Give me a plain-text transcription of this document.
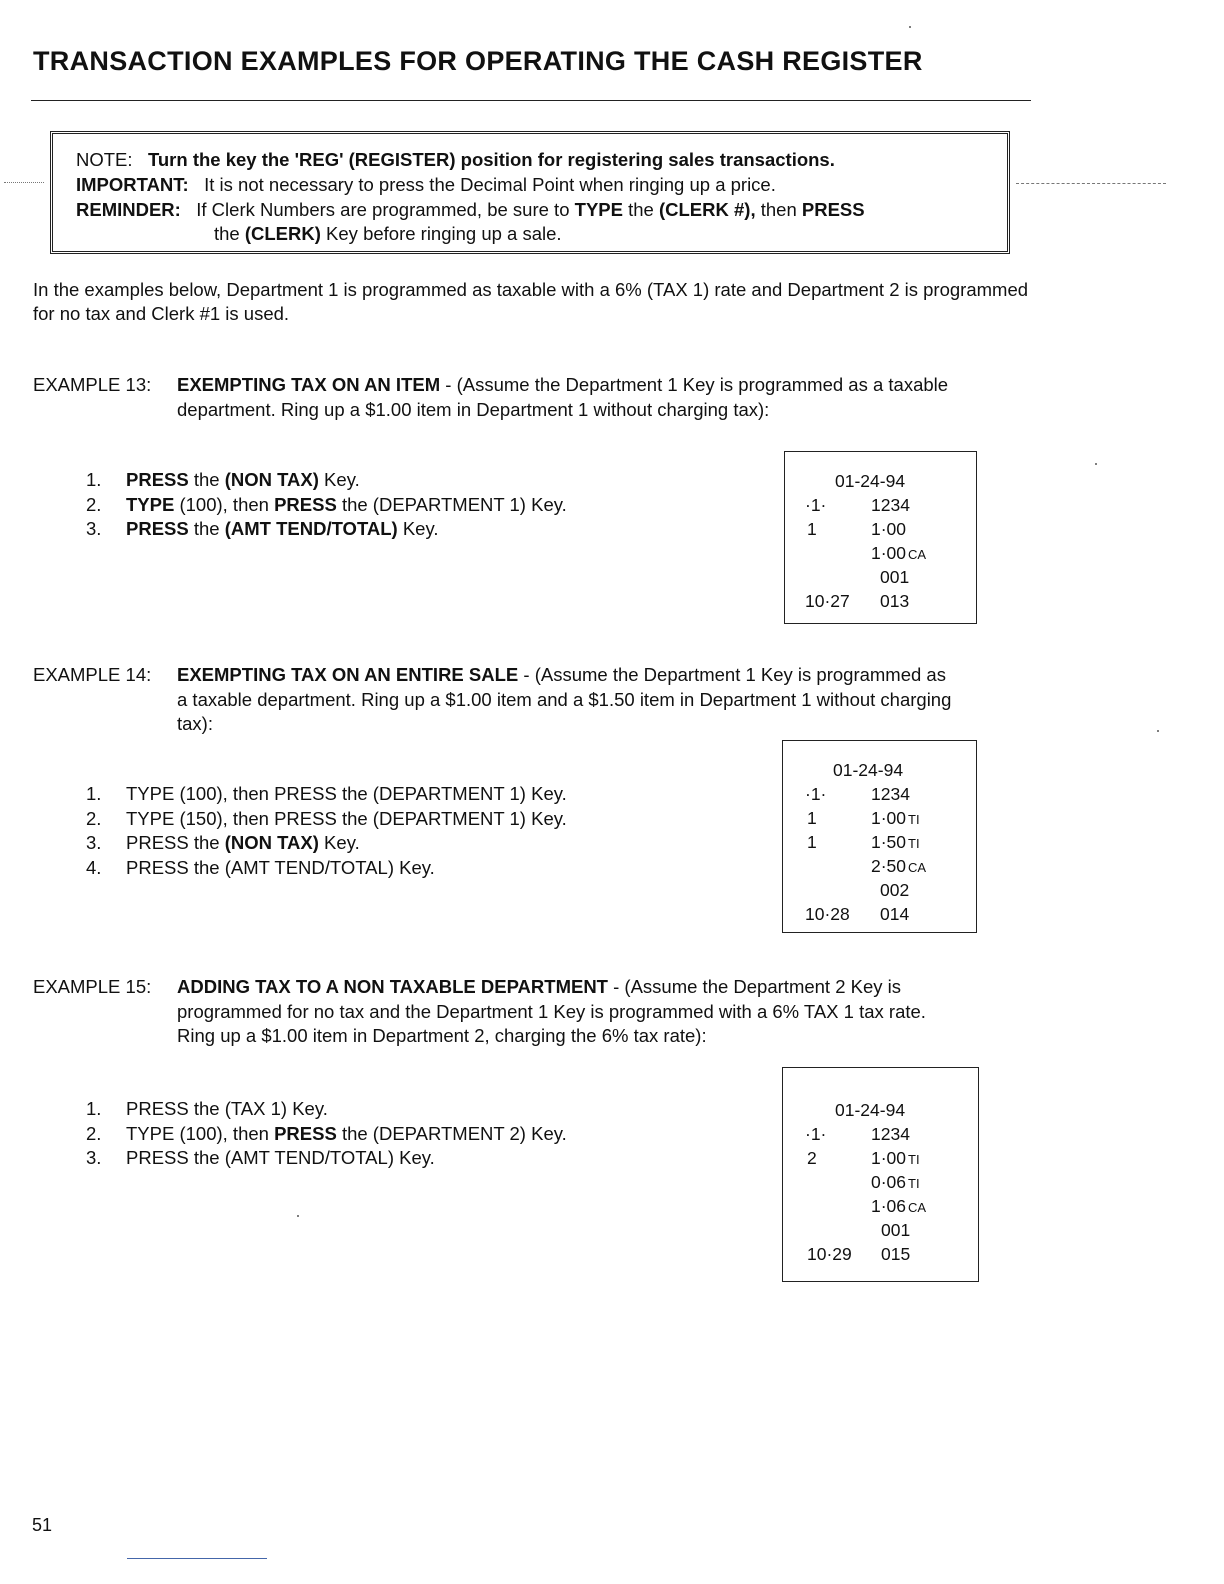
TRANSACTION EXAMPLES FOR OPERATING THE CASH REGISTER
NOTE: Turn the key the 'REG' (REGISTER) position for registering sales transactions.
IMPORTANT: It is not necessary to press the Decimal Point when ringing up a price.
REMINDER: If Clerk Numbers are programmed, be sure to TYPE the (CLERK #), then PRESS
the (CLERK) Key before ringing up a sale.
In the examples below, Department 1 is programmed as taxable with a 6% (TAX 1) rate and Department 2 is programmed for no tax and Clerk #1 is used.
EXAMPLE 13: EXEMPTING TAX ON AN ITEM - (Assume the Department 1 Key is programmed as a taxable
department. Ring up a $1.00 item in Department 1 without charging tax):
1. PRESS the (NON TAX) Key.
2. TYPE (100), then PRESS the (DEPARTMENT 1) Key.
3. PRESS the (AMT TEND/TOTAL) Key.
01-24-94
·1·	1234
1	1·00
1·00 CA
001
10·27 013
EXAMPLE 14: EXEMPTING TAX ON AN ENTIRE SALE - (Assume the Department 1 Key is programmed as
a taxable department. Ring up a $1.00 item and a $1.50 item in Department 1 without charging
tax):
1. TYPE (100), then PRESS the (DEPARTMENT 1) Key.
2. TYPE (150), then PRESS the (DEPARTMENT 1) Key.
3. PRESS the (NON TAX) Key.
4. PRESS the (AMT TEND/TOTAL) Key.
01-24-94
·1·	1234
1	1·00 TI
1	1·50 TI
2·50 CA
002
10·28 014
EXAMPLE 15: ADDING TAX TO A NON TAXABLE DEPARTMENT - (Assume the Department 2 Key is
programmed for no tax and the Department 1 Key is programmed with a 6% TAX 1 tax rate.
Ring up a $1.00 item in Department 2, charging the 6% tax rate):
1. PRESS the (TAX 1) Key.
2. TYPE (100), then PRESS the (DEPARTMENT 2) Key.
3. PRESS the (AMT TEND/TOTAL) Key.
01-24-94
·1·	1234
2	1·00 TI
0·06 TI
1·06 CA
001
10·29 015
51
